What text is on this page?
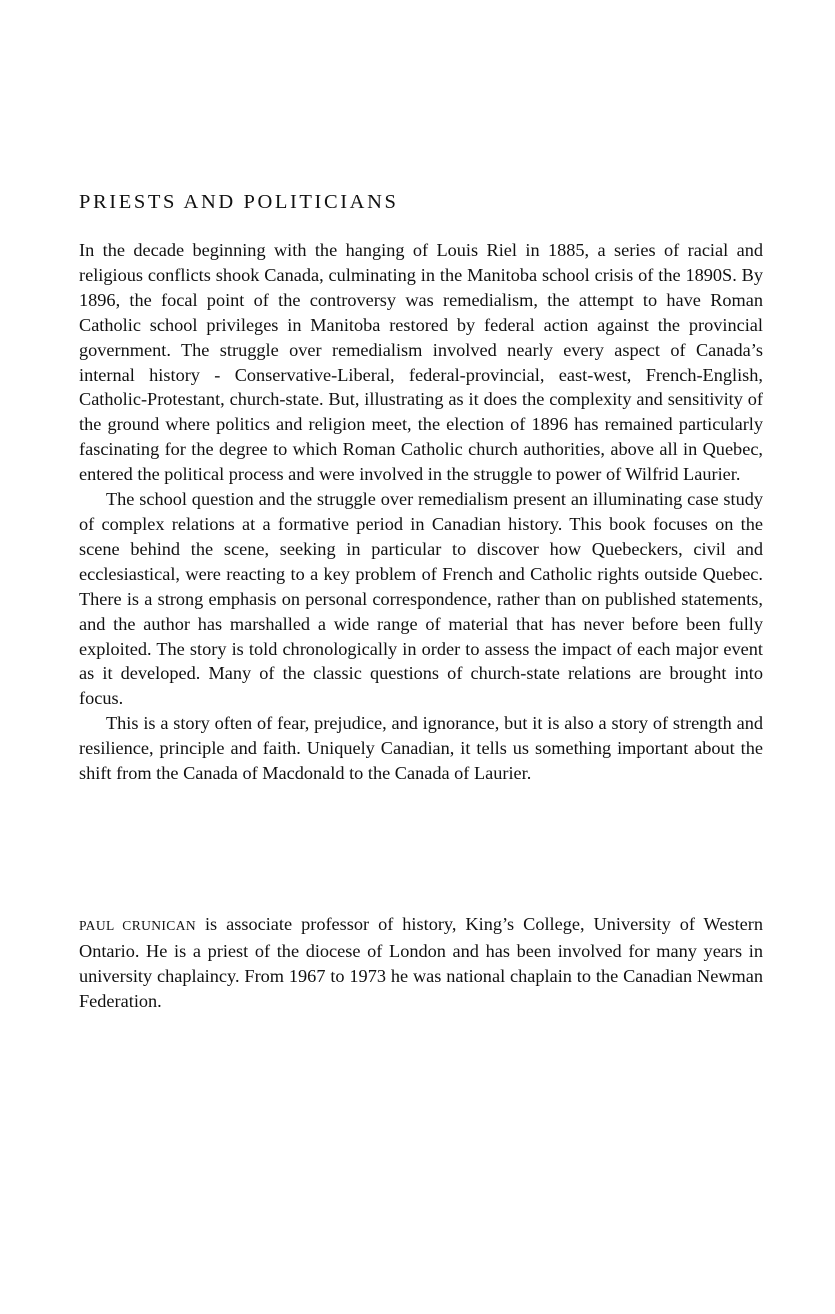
PRIESTS AND POLITICIANS

In the decade beginning with the hanging of Louis Riel in 1885, a series of racial and religious conflicts shook Canada, culminating in the Manitoba school crisis of the 1890S. By 1896, the focal point of the controversy was remedialism, the attempt to have Roman Catholic school privileges in Manitoba restored by federal action against the provincial government. The struggle over remedialism involved nearly every aspect of Canada’s internal history - Conservative-Liberal, federal-provincial, east-west, French-English, Catholic-Protestant, church-state. But, illustrating as it does the complexity and sensitivity of the ground where politics and religion meet, the election of 1896 has remained particularly fascinating for the degree to which Roman Catholic church authorities, above all in Quebec, entered the political process and were involved in the struggle to power of Wilfrid Laurier.

The school question and the struggle over remedialism present an illuminating case study of complex relations at a formative period in Canadian history. This book focuses on the scene behind the scene, seeking in particular to discover how Quebeckers, civil and ecclesiastical, were reacting to a key problem of French and Catholic rights outside Quebec. There is a strong emphasis on personal correspondence, rather than on published statements, and the author has marshalled a wide range of material that has never before been fully exploited. The story is told chronologically in order to assess the impact of each major event as it developed. Many of the classic questions of church-state relations are brought into focus.

This is a story often of fear, prejudice, and ignorance, but it is also a story of strength and resilience, principle and faith. Uniquely Canadian, it tells us something important about the shift from the Canada of Macdonald to the Canada of Laurier.

PAUL CRUNICAN is associate professor of history, King’s College, University of Western Ontario. He is a priest of the diocese of London and has been involved for many years in university chaplaincy. From 1967 to 1973 he was national chaplain to the Canadian Newman Federation.
